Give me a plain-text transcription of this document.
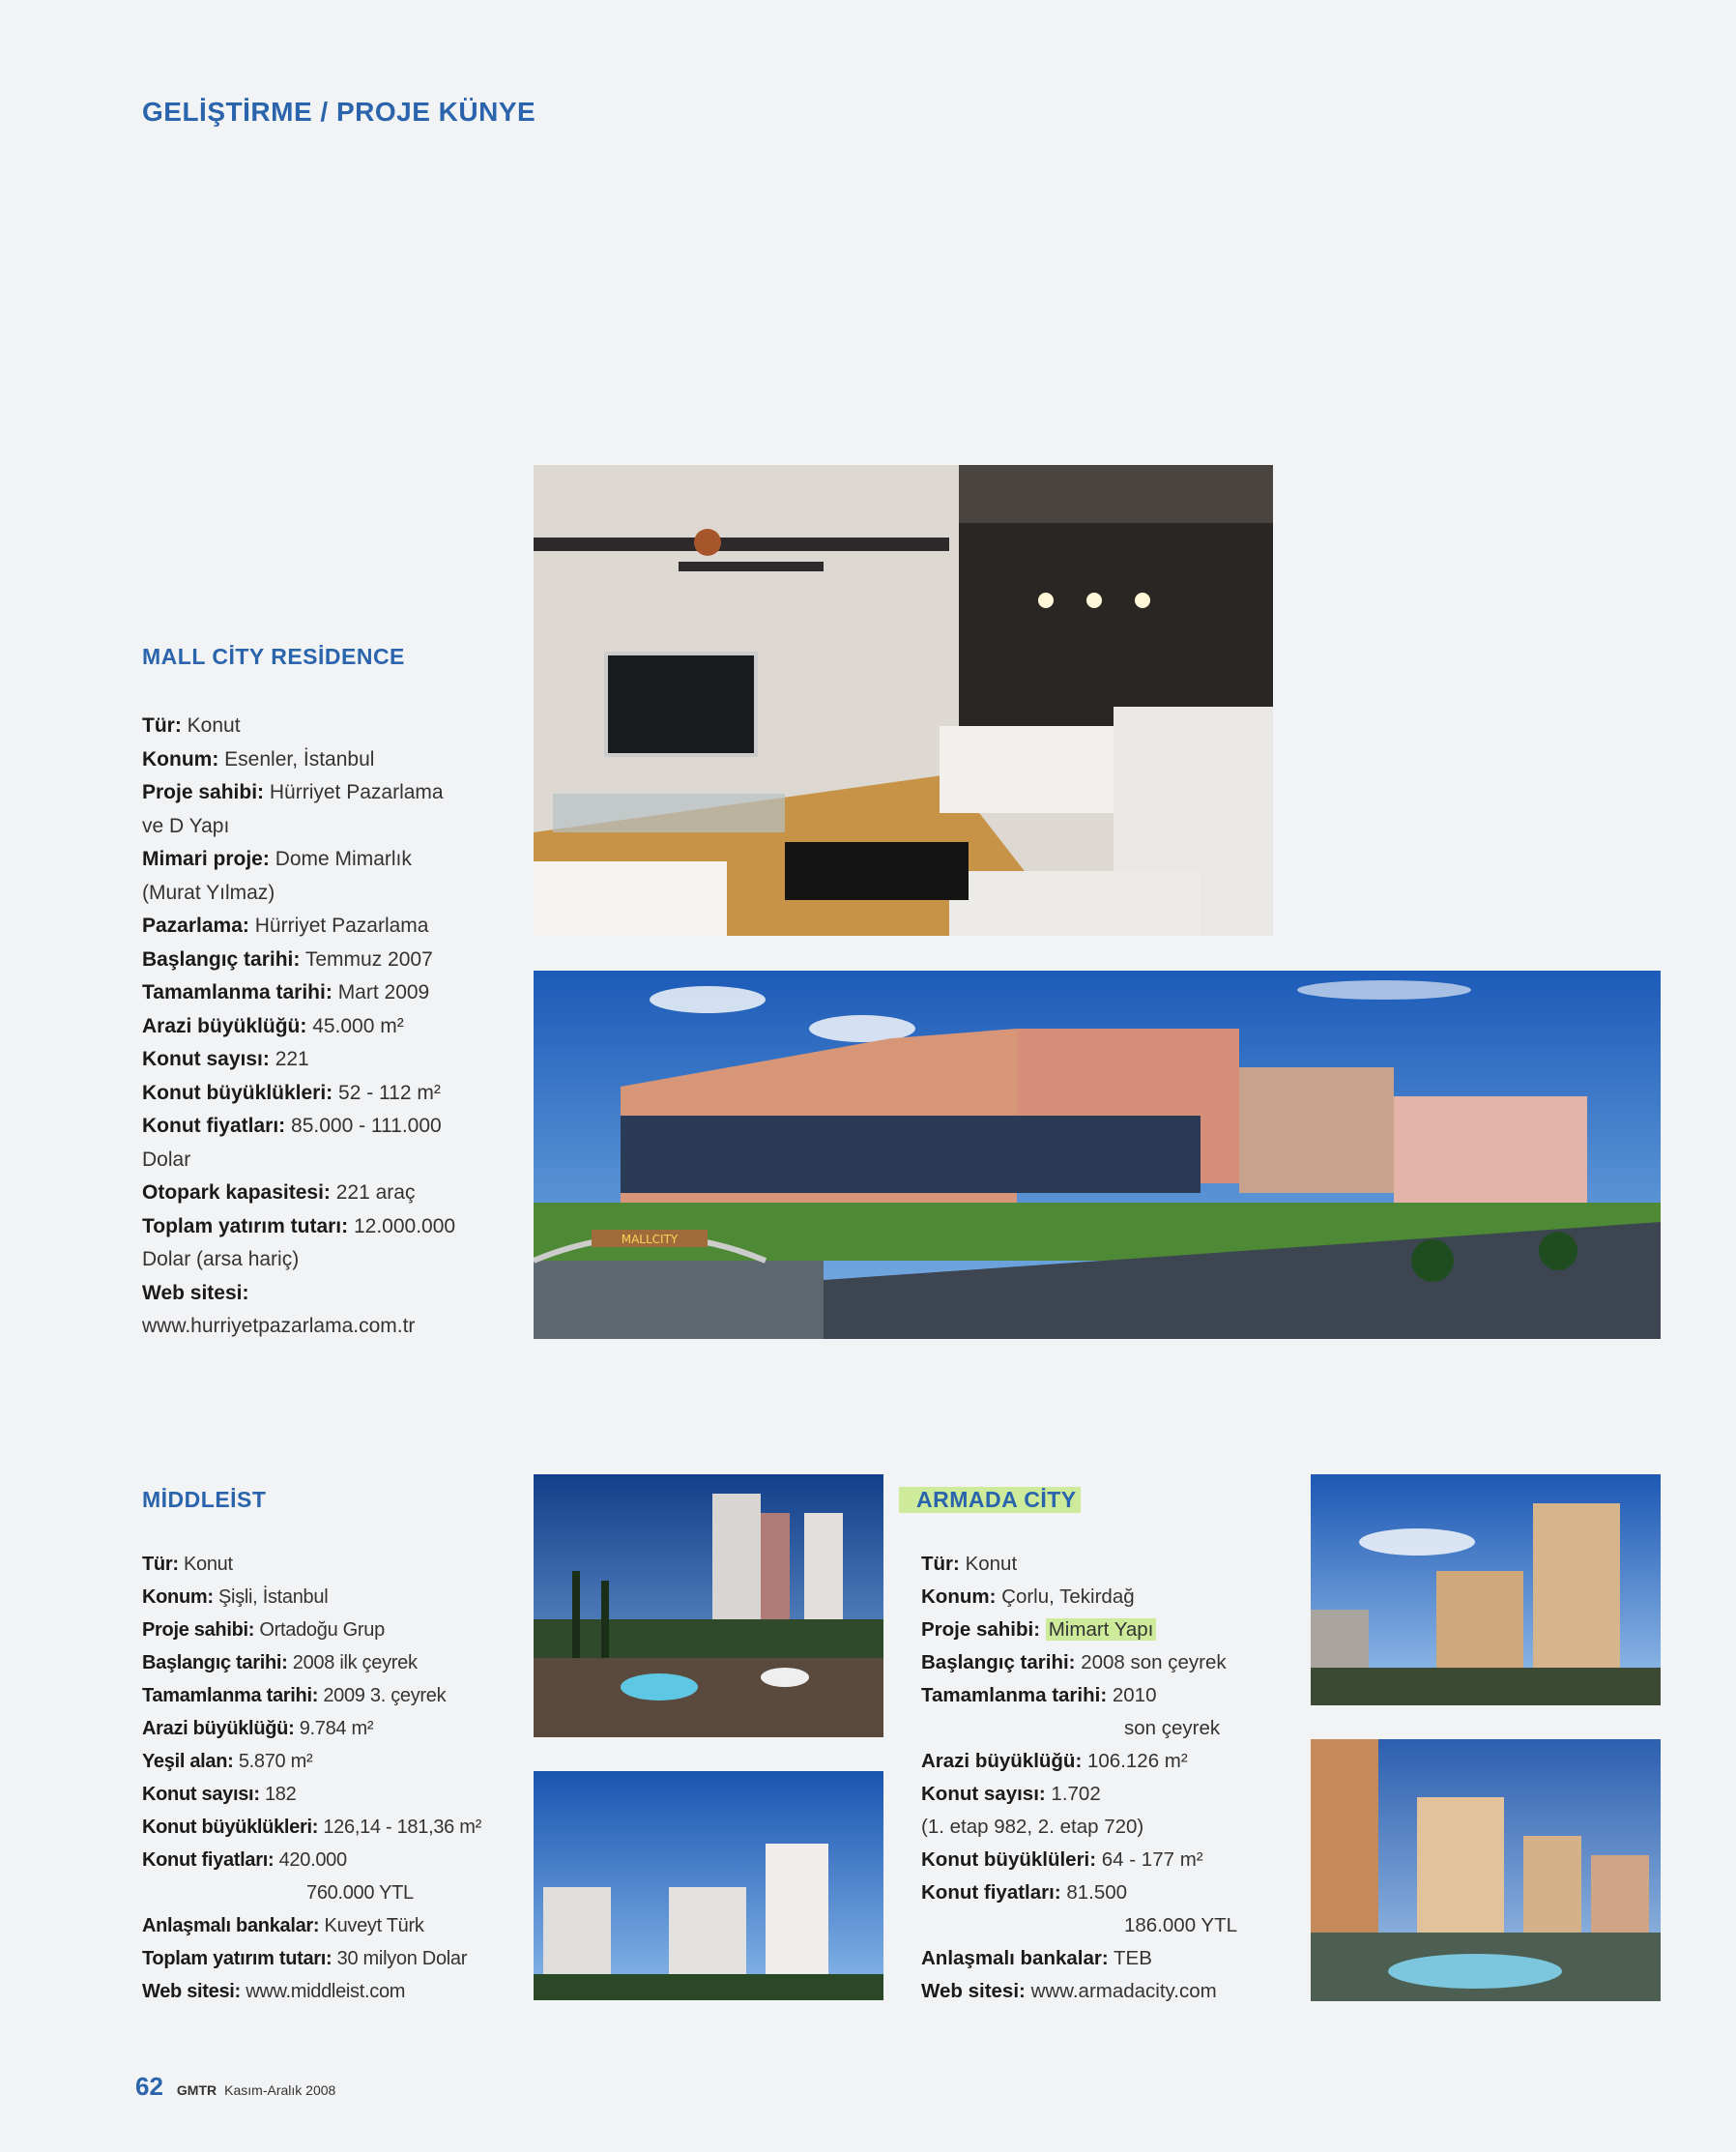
GELİŞTİRME / PROJE KÜNYE
MALL CİTY RESİDENCE
Tür: Konut
Konum: Esenler, İstanbul
Proje sahibi: Hürriyet Pazarlama
ve D Yapı
Mimari proje: Dome Mimarlık
(Murat Yılmaz)
Pazarlama: Hürriyet Pazarlama
Başlangıç tarihi: Temmuz 2007
Tamamlanma tarihi: Mart 2009
Arazi büyüklüğü: 45.000 m²
Konut sayısı: 221
Konut büyüklükleri: 52 - 112 m²
Konut fiyatları: 85.000 - 111.000
Dolar
Otopark kapasitesi: 221 araç
Toplam yatırım tutarı: 12.000.000
Dolar (arsa hariç)
Web sitesi:
www.hurriyetpazarlama.com.tr
MALLCITY
MİDDLEİST
Tür: Konut
Konum: Şişli, İstanbul
Proje sahibi: Ortadoğu Grup
Başlangıç tarihi: 2008 ilk çeyrek
Tamamlanma tarihi: 2009 3. çeyrek
Arazi büyüklüğü: 9.784 m²
Yeşil alan: 5.870 m²
Konut sayısı: 182
Konut büyüklükleri: 126,14 - 181,36 m²
Konut fiyatları: 420.000
760.000 YTL
Anlaşmalı bankalar: Kuveyt Türk
Toplam yatırım tutarı: 30 milyon Dolar
Web sitesi: www.middleist.com
ARMADA CİTY
Tür: Konut
Konum: Çorlu, Tekirdağ
Proje sahibi: Mimart Yapı
Başlangıç tarihi: 2008 son çeyrek
Tamamlanma tarihi: 2010
son çeyrek
Arazi büyüklüğü: 106.126 m²
Konut sayısı: 1.702
(1. etap 982, 2. etap 720)
Konut büyüklüleri: 64 - 177 m²
Konut fiyatları: 81.500
186.000 YTL
Anlaşmalı bankalar: TEB
Web sitesi: www.armadacity.com
62 GMTR Kasım-Aralık 2008
